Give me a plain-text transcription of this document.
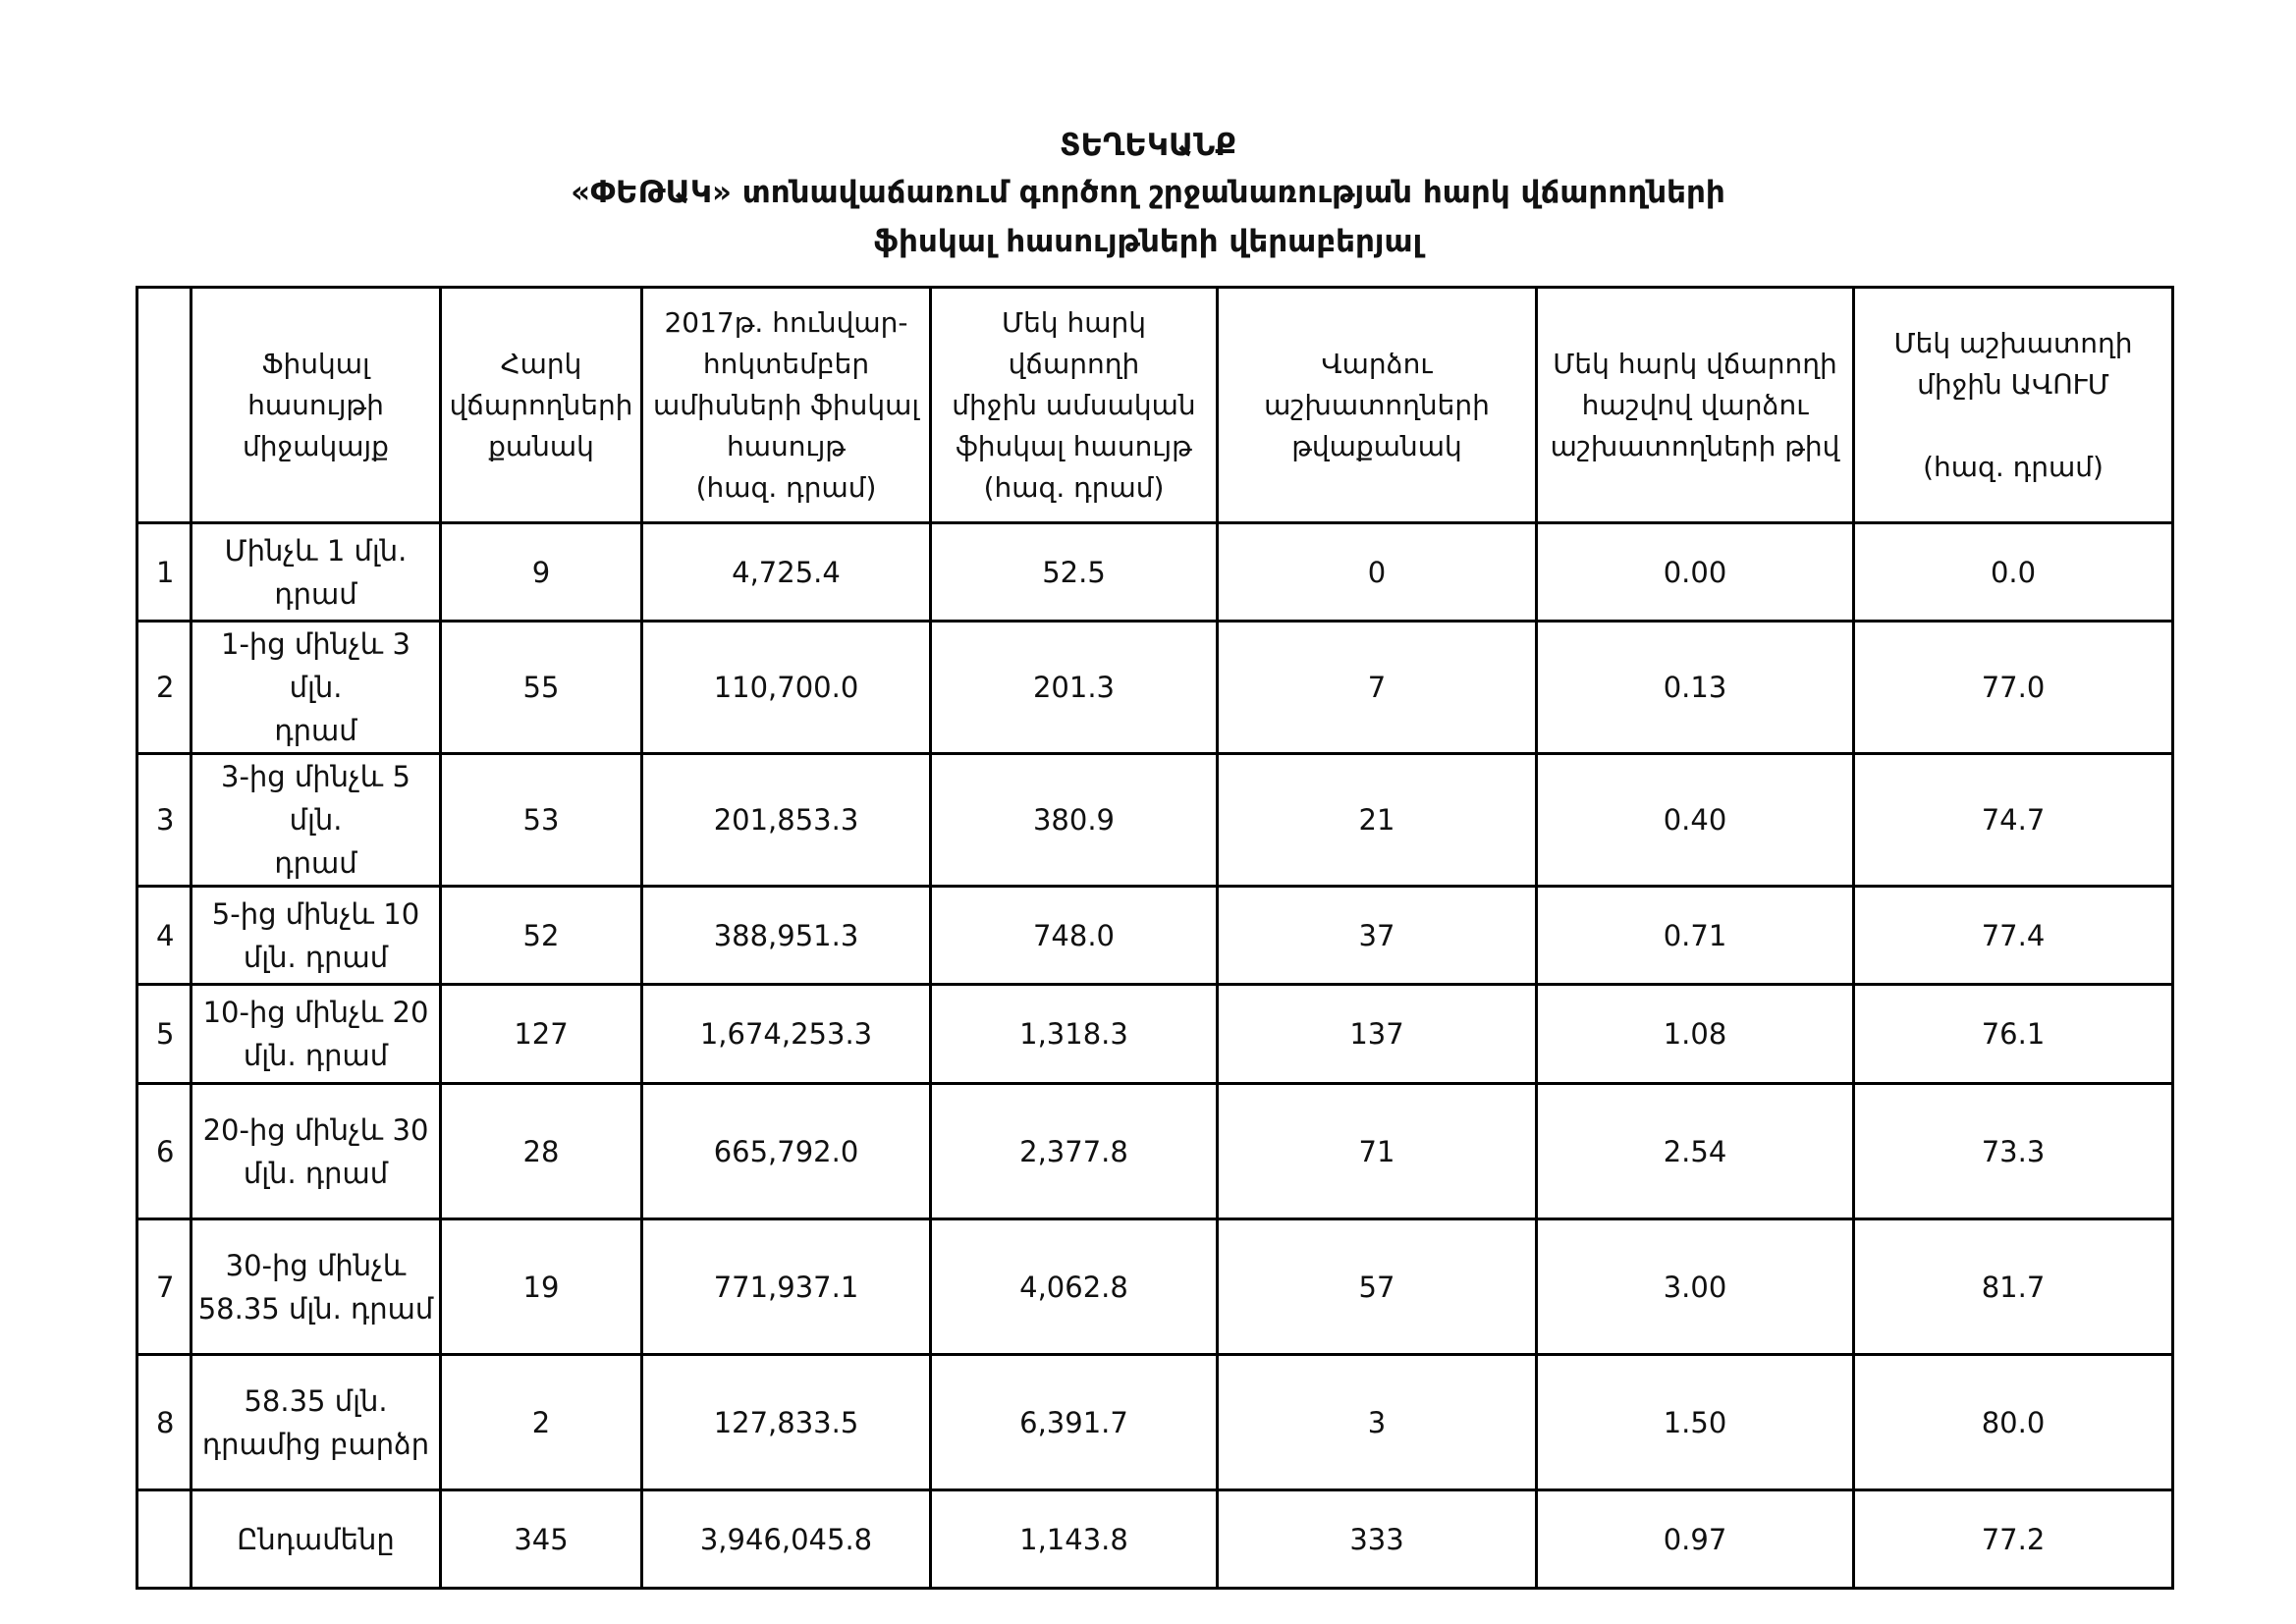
ՏԵՂԵԿԱՆՔ
«ՓԵԹԱԿ» տոնավաճառում գործող շրջանառության հարկ վճարողների
ֆիսկալ հասույթների վերաբերյալ

	Ֆիսկալ հասույթի
միջակայք	Հարկ
վճարողների
քանակ	2017թ. հունվար-
հոկտեմբեր
ամիսների ֆիսկալ
հասույթ
(հազ. դրամ)	Մեկ հարկ վճարողի
միջին ամսական
ֆիսկալ հասույթ
(հազ. դրամ)	Վարձու
աշխատողների
թվաքանակ	Մեկ հարկ վճարողի
հաշվով վարձու
աշխատողների թիվ	Մեկ աշխատողի
միջին ԱՎՈՒՄ
(հազ. դրամ)

1	Մինչև 1 մլն.
դրամ	9	4,725.4	52.5	0	0.00	0.0
2	1-ից մինչև 3 մլն.
դրամ	55	110,700.0	201.3	7	0.13	77.0
3	3-ից մինչև 5 մլն.
դրամ	53	201,853.3	380.9	21	0.40	74.7
4	5-ից մինչև 10
մլն. դրամ	52	388,951.3	748.0	37	0.71	77.4
5	10-ից մինչև 20
մլն. դրամ	127	1,674,253.3	1,318.3	137	1.08	76.1
6	20-ից մինչև 30
մլն. դրամ	28	665,792.0	2,377.8	71	2.54	73.3
7	30-ից մինչև
58.35 մլն. դրամ	19	771,937.1	4,062.8	57	3.00	81.7
8	58.35 մլն.
դրամից բարձր	2	127,833.5	6,391.7	3	1.50	80.0

	Ընդամենը	345	3,946,045.8	1,143.8	333	0.97	77.2
